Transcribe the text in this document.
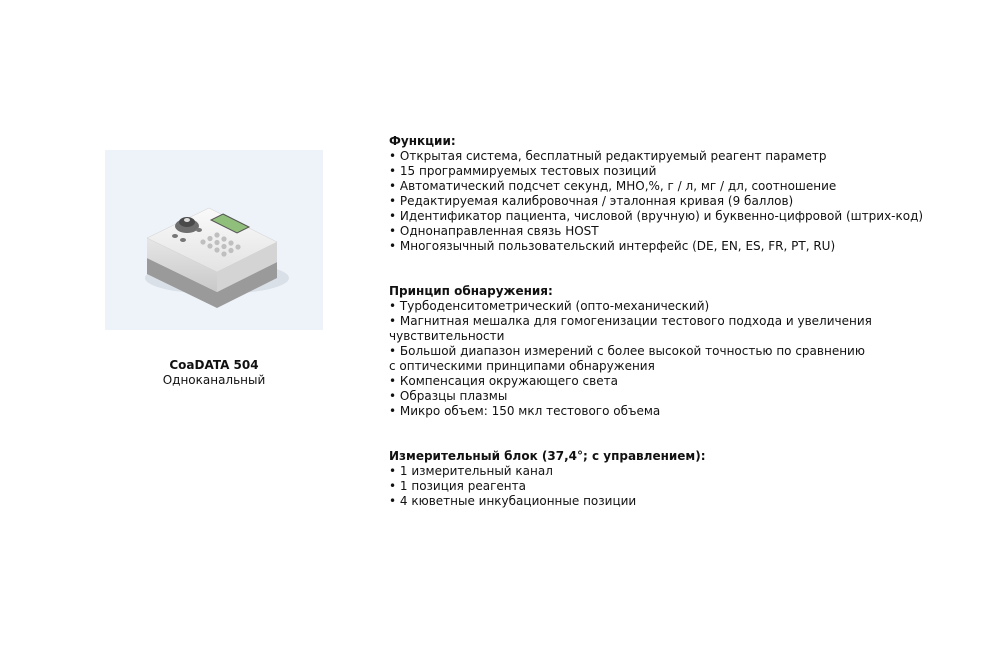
CoaDATA 504
Одноканальный
Функции:
• Открытая система, бесплатный редактируемый реагент параметр
• 15 программируемых тестовых позиций
• Автоматический подсчет секунд, МНО,%, г / л, мг / дл, соотношение
• Редактируемая калибровочная / эталонная кривая (9 баллов)
• Идентификатор пациента, числовой (вручную) и буквенно-цифровой (штрих-код)
• Однонаправленная связь HOST
• Многоязычный пользовательский интерфейс (DE, EN, ES, FR, PT, RU)
Принцип обнаружения:
• Турбоденситометрический (опто-механический)
• Магнитная мешалка для гомогенизации тестового подхода и увеличения
чувствительности
• Большой диапазон измерений с более высокой точностью по сравнению
с оптическими принципами обнаружения
• Компенсация окружающего света
• Образцы плазмы
• Микро объем: 150 мкл тестового объема
Измерительный блок (37,4°; с управлением):
• 1 измерительный канал
• 1 позиция реагента
• 4 кюветные инкубационные позиции
